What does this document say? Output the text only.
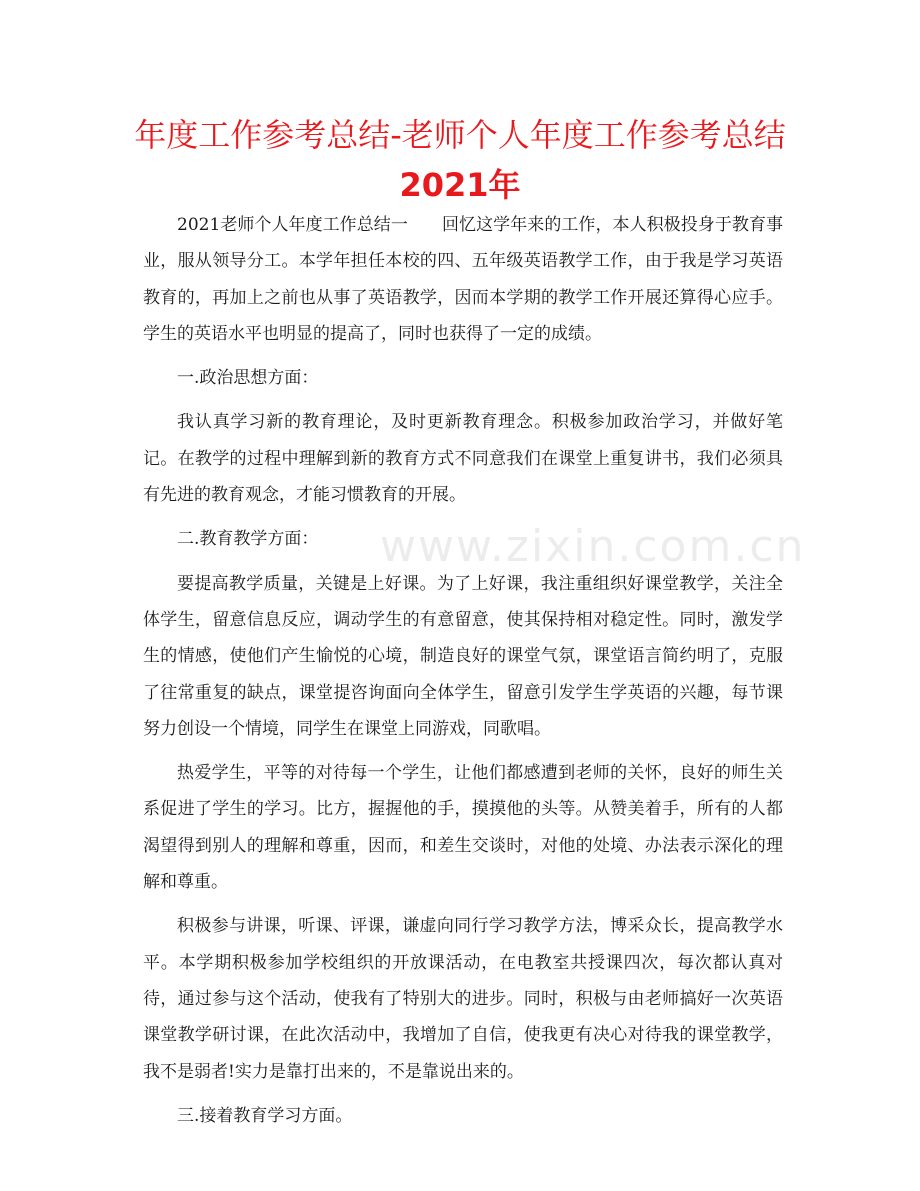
年度工作参考总结-老师个人年度工作参考总结
2021年
www.zixin.com.cn

2021老师个人年度工作总结一　　回忆这学年来的工作，本人积极投身于教育事业，服从领导分工。本学年担任本校的四、五年级英语教学工作，由于我是学习英语教育的，再加上之前也从事了英语教学，因而本学期的教学工作开展还算得心应手。学生的英语水平也明显的提高了，同时也获得了一定的成绩。

一.政治思想方面：

我认真学习新的教育理论，及时更新教育理念。积极参加政治学习，并做好笔记。在教学的过程中理解到新的教育方式不同意我们在课堂上重复讲书，我们必须具有先进的教育观念，才能习惯教育的开展。

二.教育教学方面：

要提高教学质量，关键是上好课。为了上好课，我注重组织好课堂教学，关注全体学生，留意信息反应，调动学生的有意留意，使其保持相对稳定性。同时，激发学生的情感，使他们产生愉悦的心境，制造良好的课堂气氛，课堂语言简约明了，克服了往常重复的缺点，课堂提咨询面向全体学生，留意引发学生学英语的兴趣，每节课努力创设一个情境，同学生在课堂上同游戏，同歌唱。

热爱学生，平等的对待每一个学生，让他们都感遭到老师的关怀，良好的师生关系促进了学生的学习。比方，握握他的手，摸摸他的头等。从赞美着手，所有的人都渴望得到别人的理解和尊重，因而，和差生交谈时，对他的处境、办法表示深化的理解和尊重。

积极参与讲课，听课、评课，谦虚向同行学习教学方法，博采众长，提高教学水平。本学期积极参加学校组织的开放课活动，在电教室共授课四次，每次都认真对待，通过参与这个活动，使我有了特别大的进步。同时，积极与由老师搞好一次英语课堂教学研讨课，在此次活动中，我增加了自信，使我更有决心对待我的课堂教学，我不是弱者!实力是靠打出来的，不是靠说出来的。

三.接着教育学习方面。
